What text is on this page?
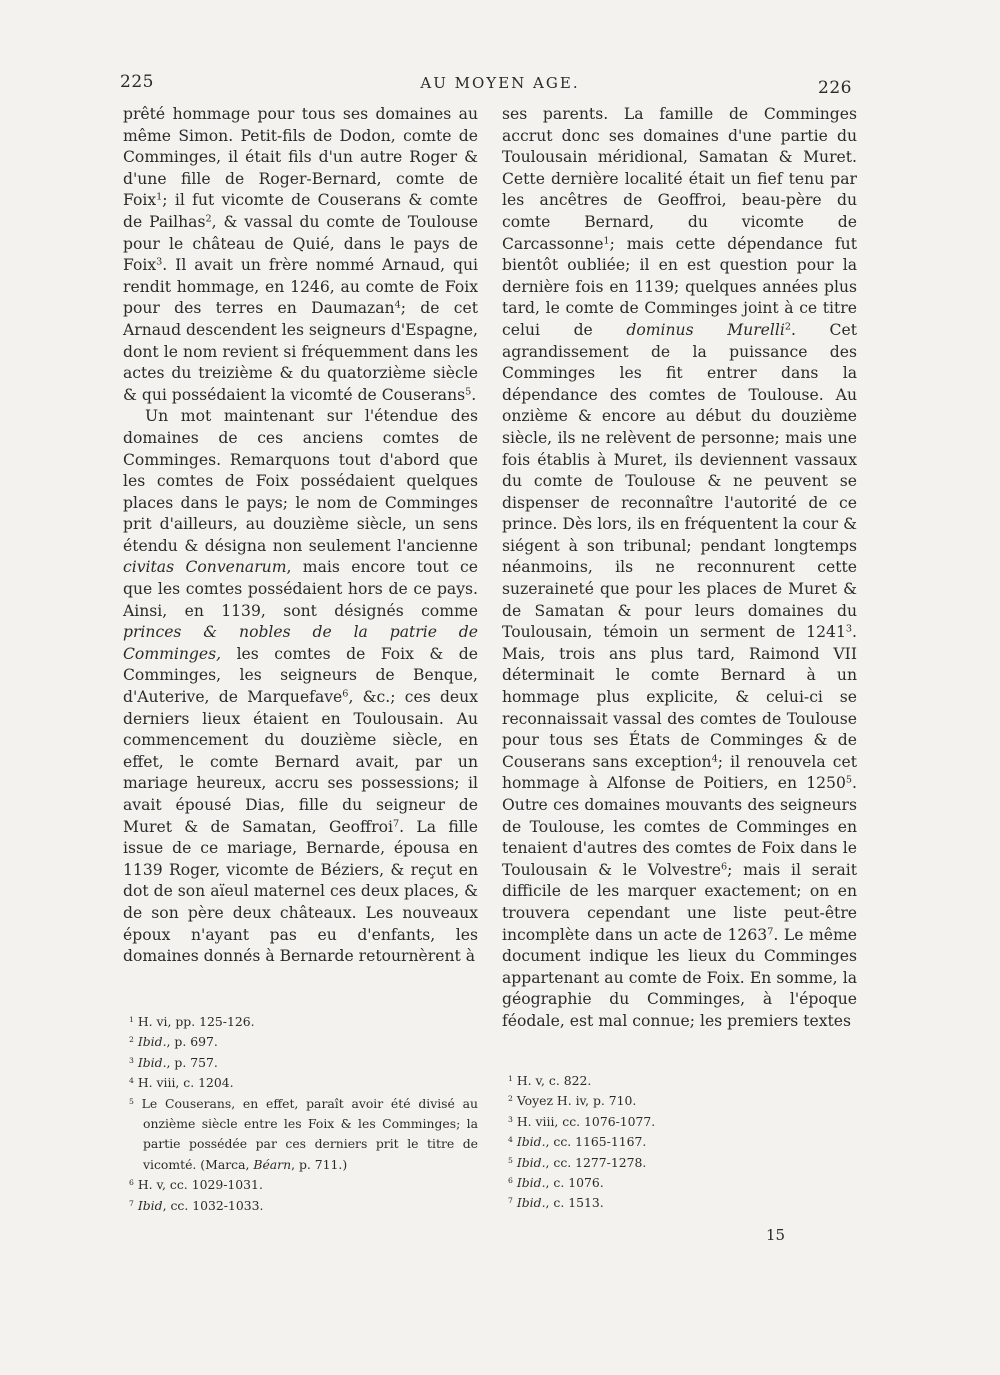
225	AU MOYEN AGE.	226

prêté hommage pour tous ses domaines au même Simon. Petit-fils de Dodon, comte de Comminges, il était fils d'un autre Roger & d'une fille de Roger-Bernard, comte de Foix$^1$; il fut vicomte de Couserans & comte de Pailhas$^2$, & vassal du comte de Toulouse pour le château de Quié, dans le pays de Foix$^3$. Il avait un frère nommé Arnaud, qui rendit hommage, en 1246, au comte de Foix pour des terres en Daumazan$^4$; de cet Arnaud descendent les seigneurs d'Espagne, dont le nom revient si fréquemment dans les actes du treizième & du quatorzième siècle & qui possédaient la vicomté de Couserans$^5$.

Un mot maintenant sur l'étendue des domaines de ces anciens comtes de Comminges. Remarquons tout d'abord que les comtes de Foix possédaient quelques places dans le pays; le nom de Comminges prit d'ailleurs, au douzième siècle, un sens étendu & désigna non seulement l'ancienne civitas Convenarum, mais encore tout ce que les comtes possédaient hors de ce pays. Ainsi, en 1139, sont désignés comme princes & nobles de la patrie de Comminges, les comtes de Foix & de Comminges, les seigneurs de Benque, d'Auterive, de Marquefave$^6$, &c.; ces deux derniers lieux étaient en Toulousain. Au commencement du douzième siècle, en effet, le comte Bernard avait, par un mariage heureux, accru ses possessions; il avait épousé Dias, fille du seigneur de Muret & de Samatan, Geoffroi$^7$. La fille issue de ce mariage, Bernarde, épousa en 1139 Roger, vicomte de Béziers, & reçut en dot de son aïeul maternel ces deux places, & de son père deux châteaux. Les nouveaux époux n'ayant pas eu d'enfants, les domaines donnés à Bernarde retournèrent à

ses parents. La famille de Comminges accrut donc ses domaines d'une partie du Toulousain méridional, Samatan & Muret. Cette dernière localité était un fief tenu par les ancêtres de Geoffroi, beau-père du comte Bernard, du vicomte de Carcassonne$^1$; mais cette dépendance fut bientôt oubliée; il en est question pour la dernière fois en 1139; quelques années plus tard, le comte de Comminges joint à ce titre celui de dominus Murelli$^2$. Cet agrandissement de la puissance des Comminges les fit entrer dans la dépendance des comtes de Toulouse. Au onzième & encore au début du douzième siècle, ils ne relèvent de personne; mais une fois établis à Muret, ils deviennent vassaux du comte de Toulouse & ne peuvent se dispenser de reconnaître l'autorité de ce prince. Dès lors, ils en fréquentent la cour & siégent à son tribunal; pendant longtemps néanmoins, ils ne reconnurent cette suzeraineté que pour les places de Muret & de Samatan & pour leurs domaines du Toulousain, témoin un serment de 1241$^3$. Mais, trois ans plus tard, Raimond VII déterminait le comte Bernard à un hommage plus explicite, & celui-ci se reconnaissait vassal des comtes de Toulouse pour tous ses États de Comminges & de Couserans sans exception$^4$; il renouvela cet hommage à Alfonse de Poitiers, en 1250$^5$. Outre ces domaines mouvants des seigneurs de Toulouse, les comtes de Comminges en tenaient d'autres des comtes de Foix dans le Toulousain & le Volvestre$^6$; mais il serait difficile de les marquer exactement; on en trouvera cependant une liste peut-être incomplète dans un acte de 1263$^7$. Le même document indique les lieux du Comminges appartenant au comte de Foix. En somme, la géographie du Comminges, à l'époque féodale, est mal connue; les premiers textes

$^1$ H. vi, pp. 125-126.

$^2$ Ibid., p. 697.

$^3$ Ibid., p. 757.

$^4$ H. viii, c. 1204.

$^5$ Le Couserans, en effet, paraît avoir été divisé au onzième siècle entre les Foix & les Comminges; la partie possédée par ces derniers prit le titre de vicomté. (Marca, Béarn, p. 711.)

$^6$ H. v, cc. 1029-1031.

$^7$ Ibid, cc. 1032-1033.

$^1$ H. v, c. 822.

$^2$ Voyez H. iv, p. 710.

$^3$ H. viii, cc. 1076-1077.

$^4$ Ibid., cc. 1165-1167.

$^5$ Ibid., cc. 1277-1278.

$^6$ Ibid., c. 1076.

$^7$ Ibid., c. 1513.

15
